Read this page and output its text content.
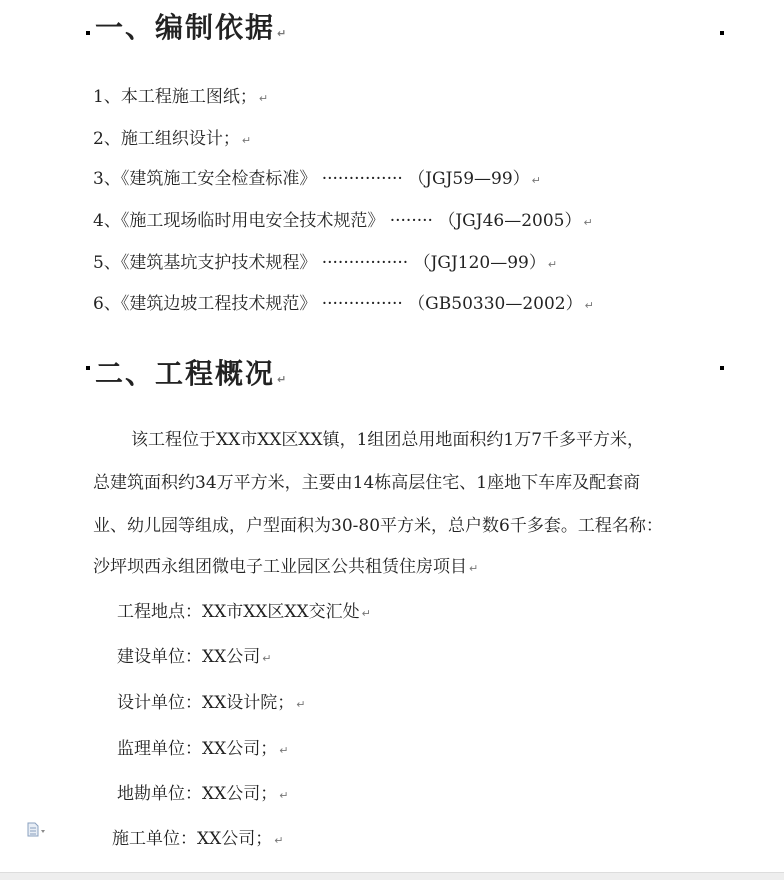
一、编制依据 ↵
1、本工程施工图纸； ↵
2、施工组织设计； ↵
3、《建筑施工安全检查标准》 ··············· （JGJ59—99） ↵
4、《施工现场临时用电安全技术规范》 ········ （JGJ46—2005） ↵
5、《建筑基坑支护技术规程》 ················ （JGJ120—99） ↵
6、《建筑边坡工程技术规范》 ··············· （GB50330—2002） ↵
二、工程概况 ↵
该工程位于XX市XX区XX镇，1组团总用地面积约1万7千多平方米，
总建筑面积约34万平方米，主要由14栋高层住宅、1座地下车库及配套商
业、幼儿园等组成，户型面积为30-80平方米，总户数6千多套。工程名称：
沙坪坝西永组团微电子工业园区公共租赁住房项目 ↵
工程地点：XX市XX区XX交汇处 ↵
建设单位：XX公司 ↵
设计单位：XX设计院； ↵
监理单位：XX公司； ↵
地勘单位：XX公司； ↵
施工单位：XX公司； ↵
